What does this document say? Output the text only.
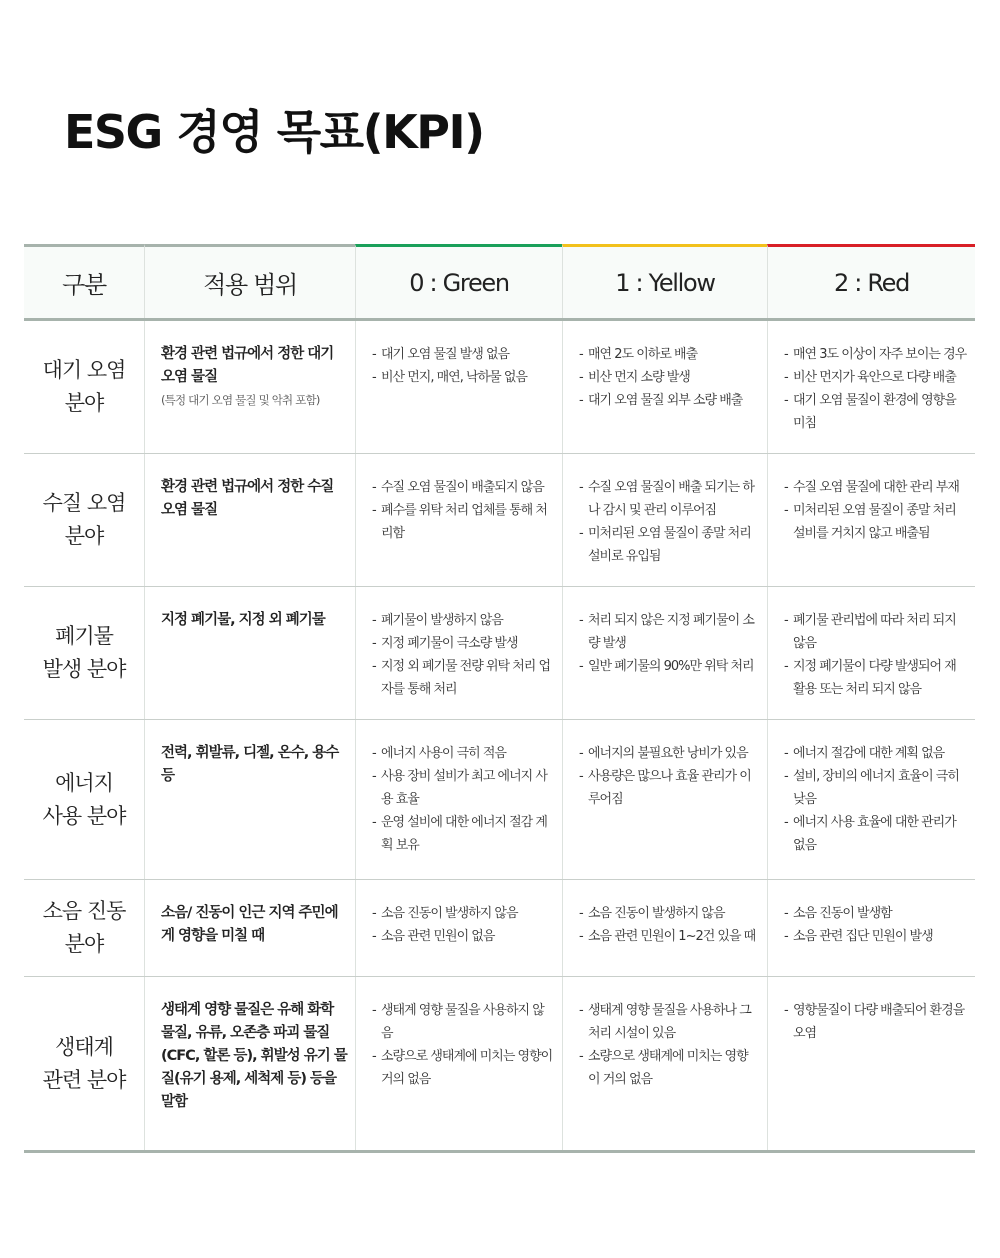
ESG 경영 목표(KPI)
구분	적용 범위	0 : Green	1 : Yellow	2 : Red
대기 오염
분야
환경 관련 법규에서 정한 대기 오염 물질
(특정 대기 오염 물질 및 악취 포함)
- 대기 오염 물질 발생 없음
- 비산 먼지, 매연, 낙하물 없음
- 매연 2도 이하로 배출
- 비산 먼지 소량 발생
- 대기 오염 물질 외부 소량 배출
- 매연 3도 이상이 자주 보이는 경우
- 비산 먼지가 육안으로 다량 배출
- 대기 오염 물질이 환경에 영향을 미침
수질 오염
분야
환경 관련 법규에서 정한 수질 오염 물질
- 수질 오염 물질이 배출되지 않음
- 폐수를 위탁 처리 업체를 통해 처리함
- 수질 오염 물질이 배출 되기는 하나 감시 및 관리 이루어짐
- 미처리된 오염 물질이 종말 처리 설비로 유입됨
- 수질 오염 물질에 대한 관리 부재
- 미처리된 오염 물질이 종말 처리 설비를 거치지 않고 배출됨
폐기물
발생 분야
지정 폐기물, 지정 외 폐기물
-	폐기물이 발생하지 않음
- 지정 폐기물이 극소량 발생
- 지정 외 폐기물 전량 위탁 처리 업자를 통해 처리
- 처리 되지 않은 지정 폐기물이 소량 발생
- 일반 폐기물의 90%만 위탁 처리
- 폐기물 관리법에 따라 처리 되지 않음
- 지정 폐기물이 다량 발생되어 재활용 또는 처리 되지 않음
에너지
사용 분야
전력, 휘발류, 디젤, 온수, 용수 등
- 에너지 사용이 극히 적음
- 사용 장비 설비가 최고 에너지 사용 효율
- 운영 설비에 대한 에너지 절감 계획 보유
- 에너지의 불필요한 낭비가 있음
- 사용량은 많으나 효율 관리가 이루어짐
- 에너지 절감에 대한 계획 없음
- 설비, 장비의 에너지 효율이 극히 낮음
- 에너지 사용 효율에 대한 관리가 없음
소음 진동
분야
소음/ 진동이 인근 지역 주민에게 영향을 미칠 때
- 소음 진동이 발생하지 않음
- 소음 관련 민원이 없음
- 소음 진동이 발생하지 않음
- 소음 관련 민원이 1~2건 있을 때
- 소음 진동이 발생함
- 소음 관련 집단 민원이 발생
생태계
관련 분야
생태계 영향 물질은 유해 화학 물질, 유류, 오존층 파괴 물질 (CFC, 할론 등), 휘발성 유기 물질(유기 용제, 세척제 등) 등을 말함
- 생태계 영향 물질을 사용하지 않음
- 소량으로 생태계에 미치는 영향이 거의 없음
- 생태계 영향 물질을 사용하나 그 처리 시설이 있음
- 소량으로 생태계에 미치는 영향이 거의 없음
- 영향물질이 다량 배출되어 환경을 오염
